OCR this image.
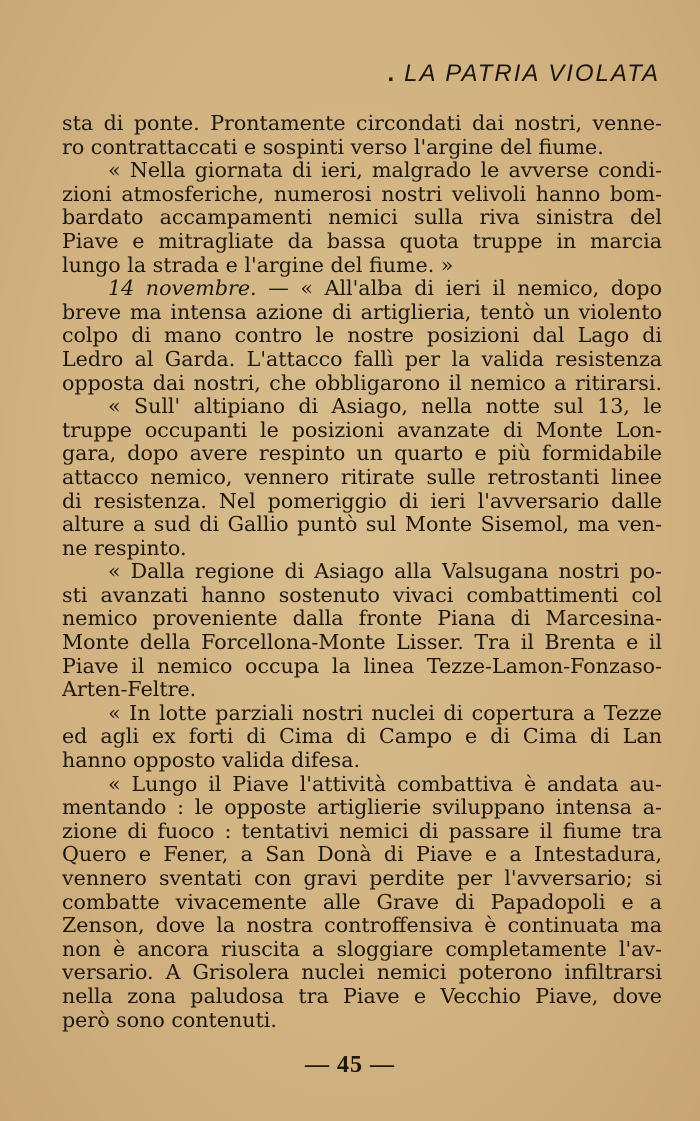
. LA PATRIA VIOLATA
sta di ponte. Prontamente circondati dai nostri, venne-
ro contrattaccati e sospinti verso l'argine del fiume.
« Nella giornata di ieri, malgrado le avverse condi-
zioni atmosferiche, numerosi nostri velivoli hanno bom-
bardato accampamenti nemici sulla riva sinistra del
Piave e mitragliate da bassa quota truppe in marcia
lungo la strada e l'argine del fiume. »
14 novembre. — « All'alba di ieri il nemico, dopo
breve ma intensa azione di artiglieria, tentò un violento
colpo di mano contro le nostre posizioni dal Lago di
Ledro al Garda. L'attacco fallì per la valida resistenza
opposta dai nostri, che obbligarono il nemico a ritirarsi.
« Sull' altipiano di Asiago, nella notte sul 13, le
truppe occupanti le posizioni avanzate di Monte Lon-
gara, dopo avere respinto un quarto e più formidabile
attacco nemico, vennero ritirate sulle retrostanti linee
di resistenza. Nel pomeriggio di ieri l'avversario dalle
alture a sud di Gallio puntò sul Monte Sisemol, ma ven-
ne respinto.
« Dalla regione di Asiago alla Valsugana nostri po-
sti avanzati hanno sostenuto vivaci combattimenti col
nemico proveniente dalla fronte Piana di Marcesina-
Monte della Forcellona-Monte Lisser. Tra il Brenta e il
Piave il nemico occupa la linea Tezze-Lamon-Fonzaso-
Arten-Feltre.
« In lotte parziali nostri nuclei di copertura a Tezze
ed agli ex forti di Cima di Campo e di Cima di Lan
hanno opposto valida difesa.
« Lungo il Piave l'attività combattiva è andata au-
mentando : le opposte artiglierie sviluppano intensa a-
zione di fuoco : tentativi nemici di passare il fiume tra
Quero e Fener, a San Donà di Piave e a Intestadura,
vennero sventati con gravi perdite per l'avversario; si
combatte vivacemente alle Grave di Papadopoli e a
Zenson, dove la nostra controffensiva è continuata ma
non è ancora riuscita a sloggiare completamente l'av-
versario. A Grisolera nuclei nemici poterono infiltrarsi
nella zona paludosa tra Piave e Vecchio Piave, dove
però sono contenuti.
— 45 —
